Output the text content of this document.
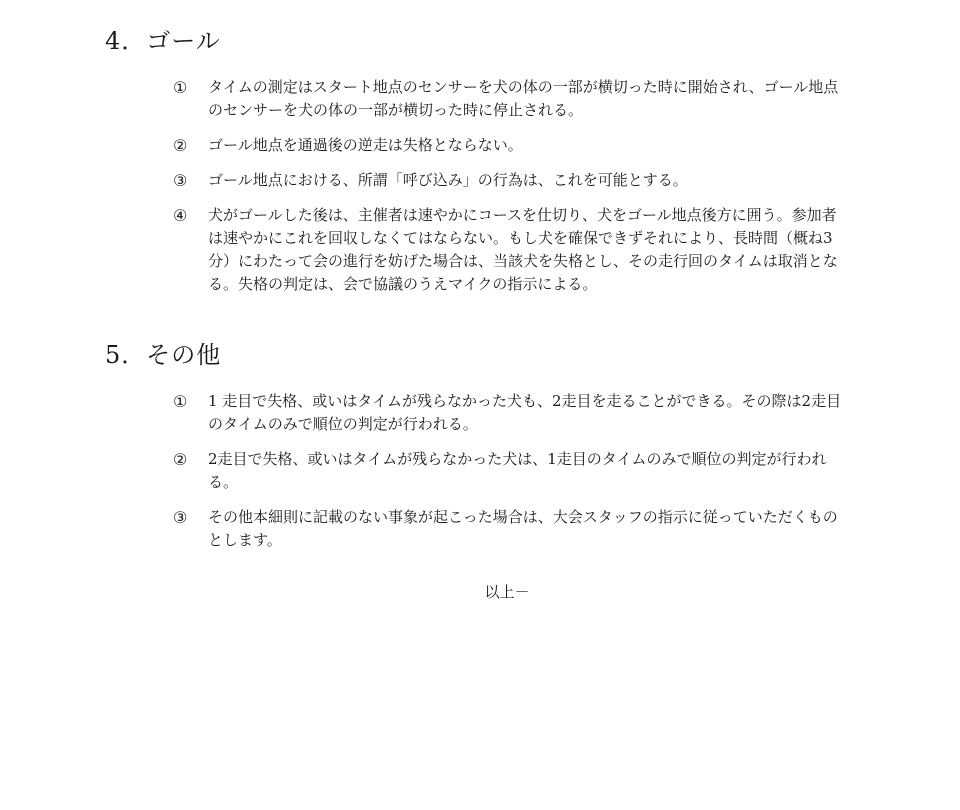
4．ゴール
① タイムの測定はスタート地点のセンサーを犬の体の一部が横切った時に開始され、ゴール地点のセンサーを犬の体の一部が横切った時に停止される。
② ゴール地点を通過後の逆走は失格とならない。
③ ゴール地点における、所謂「呼び込み」の行為は、これを可能とする。
④ 犬がゴールした後は、主催者は速やかにコースを仕切り、犬をゴール地点後方に囲う。参加者は速やかにこれを回収しなくてはならない。もし犬を確保できずそれにより、長時間（概ね3分）にわたって会の進行を妨げた場合は、当該犬を失格とし、その走行回のタイムは取消となる。失格の判定は、会で協議のうえマイクの指示による。
5．その他
① 1 走目で失格、或いはタイムが残らなかった犬も、2走目を走ることができる。その際は2走目のタイムのみで順位の判定が行われる。
② 2走目で失格、或いはタイムが残らなかった犬は、1走目のタイムのみで順位の判定が行われる。
③ その他本細則に記載のない事象が起こった場合は、大会スタッフの指示に従っていただくものとします。
以上－
